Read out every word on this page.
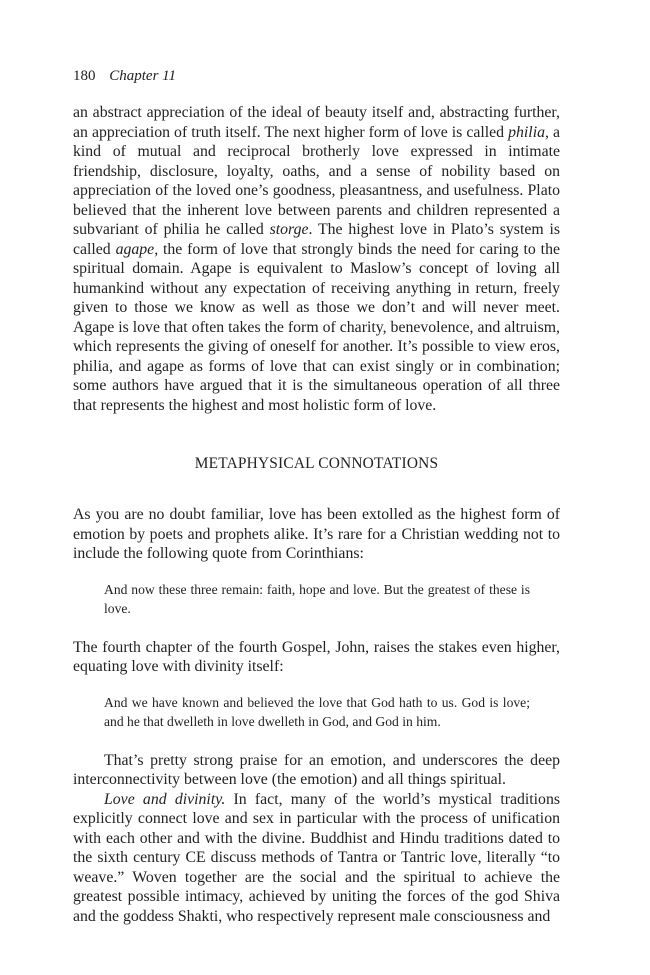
180 Chapter 11

an abstract appreciation of the ideal of beauty itself and, abstracting further, an appreciation of truth itself. The next higher form of love is called philia, a kind of mutual and reciprocal brotherly love expressed in intimate friendship, disclosure, loyalty, oaths, and a sense of nobility based on appreciation of the loved one’s goodness, pleasantness, and usefulness. Plato believed that the inherent love between parents and children represented a subvariant of philia he called storge. The highest love in Plato’s system is called agape, the form of love that strongly binds the need for caring to the spiritual domain. Agape is equivalent to Maslow’s concept of loving all humankind without any expectation of receiving anything in return, freely given to those we know as well as those we don’t and will never meet. Agape is love that often takes the form of charity, benevolence, and altruism, which represents the giving of oneself for another. It’s possible to view eros, philia, and agape as forms of love that can exist singly or in combination; some authors have argued that it is the simultaneous operation of all three that represents the highest and most holistic form of love.

METAPHYSICAL CONNOTATIONS

As you are no doubt familiar, love has been extolled as the highest form of emotion by poets and prophets alike. It’s rare for a Christian wedding not to include the following quote from Corinthians:

And now these three remain: faith, hope and love. But the greatest of these is love.

The fourth chapter of the fourth Gospel, John, raises the stakes even higher, equating love with divinity itself:

And we have known and believed the love that God hath to us. God is love; and he that dwelleth in love dwelleth in God, and God in him.

That’s pretty strong praise for an emotion, and underscores the deep interconnectivity between love (the emotion) and all things spiritual.

Love and divinity. In fact, many of the world’s mystical traditions explicitly connect love and sex in particular with the process of unification with each other and with the divine. Buddhist and Hindu traditions dated to the sixth century CE discuss methods of Tantra or Tantric love, literally “to weave.” Woven together are the social and the spiritual to achieve the greatest possible intimacy, achieved by uniting the forces of the god Shiva and the goddess Shakti, who respectively represent male consciousness and
